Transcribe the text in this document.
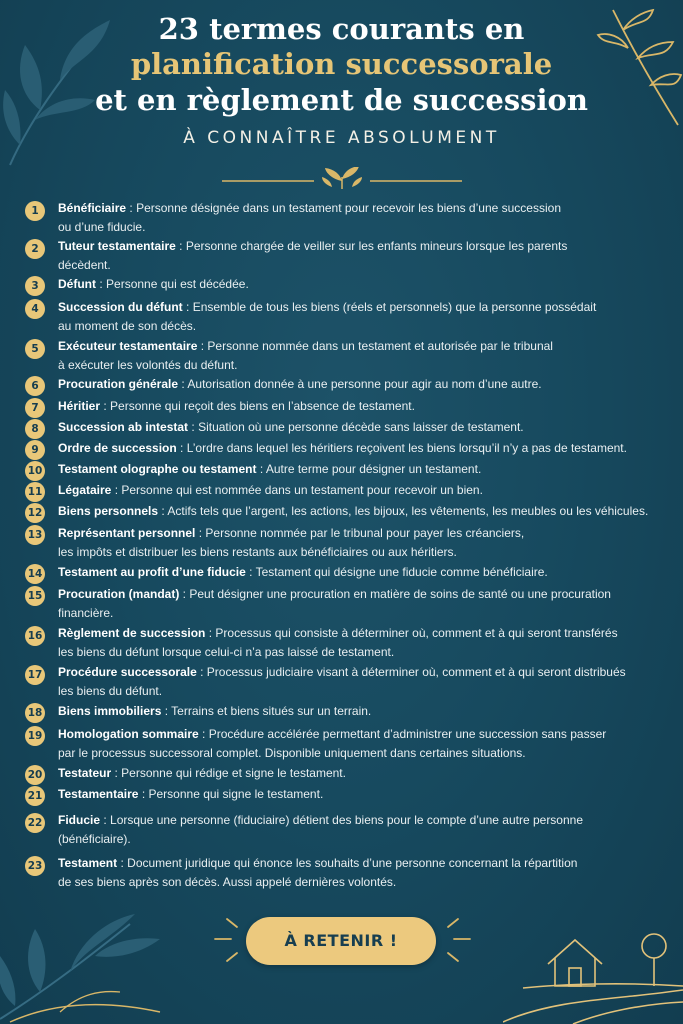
23 termes courants en
planification successorale
et en règlement de succession
À CONNAÎTRE ABSOLUMENT
1	Bénéficiaire : Personne désignée dans un testament pour recevoir les biens d’une succession
ou d’une fiducie.
2	Tuteur testamentaire : Personne chargée de veiller sur les enfants mineurs lorsque les parents
décèdent.
3	Défunt : Personne qui est décédée.
4	Succession du défunt : Ensemble de tous les biens (réels et personnels) que la personne possédait
au moment de son décès.
5	Exécuteur testamentaire : Personne nommée dans un testament et autorisée par le tribunal
à exécuter les volontés du défunt.
6	Procuration générale : Autorisation donnée à une personne pour agir au nom d’une autre.
7	Héritier : Personne qui reçoit des biens en l’absence de testament.
8	Succession ab intestat : Situation où une personne décède sans laisser de testament.
9	Ordre de succession : L’ordre dans lequel les héritiers reçoivent les biens lorsqu’il n’y a pas de testament.
10 Testament olographe ou testament : Autre terme pour désigner un testament.
11 Légataire : Personne qui est nommée dans un testament pour recevoir un bien.
12 Biens personnels : Actifs tels que l’argent, les actions, les bijoux, les vêtements, les meubles ou les véhicules.
13 Représentant personnel : Personne nommée par le tribunal pour payer les créanciers,
les impôts et distribuer les biens restants aux bénéficiaires ou aux héritiers.
14 Testament au profit d’une fiducie : Testament qui désigne une fiducie comme bénéficiaire.
15 Procuration (mandat) : Peut désigner une procuration en matière de soins de santé ou une procuration
financière.
16 Règlement de succession : Processus qui consiste à déterminer où, comment et à qui seront transférés
les biens du défunt lorsque celui-ci n’a pas laissé de testament.
17 Procédure successorale : Processus judiciaire visant à déterminer où, comment et à qui seront distribués
les biens du défunt.
18 Biens immobiliers : Terrains et biens situés sur un terrain.
19 Homologation sommaire : Procédure accélérée permettant d’administrer une succession sans passer
par le processus successoral complet. Disponible uniquement dans certaines situations.
20 Testateur : Personne qui rédige et signe le testament.
21 Testamentaire : Personne qui signe le testament.
22 Fiducie : Lorsque une personne (fiduciaire) détient des biens pour le compte d’une autre personne
(bénéficiaire).
23 Testament : Document juridique qui énonce les souhaits d’une personne concernant la répartition
de ses biens après son décès. Aussi appelé dernières volontés.
À RETENIR !
